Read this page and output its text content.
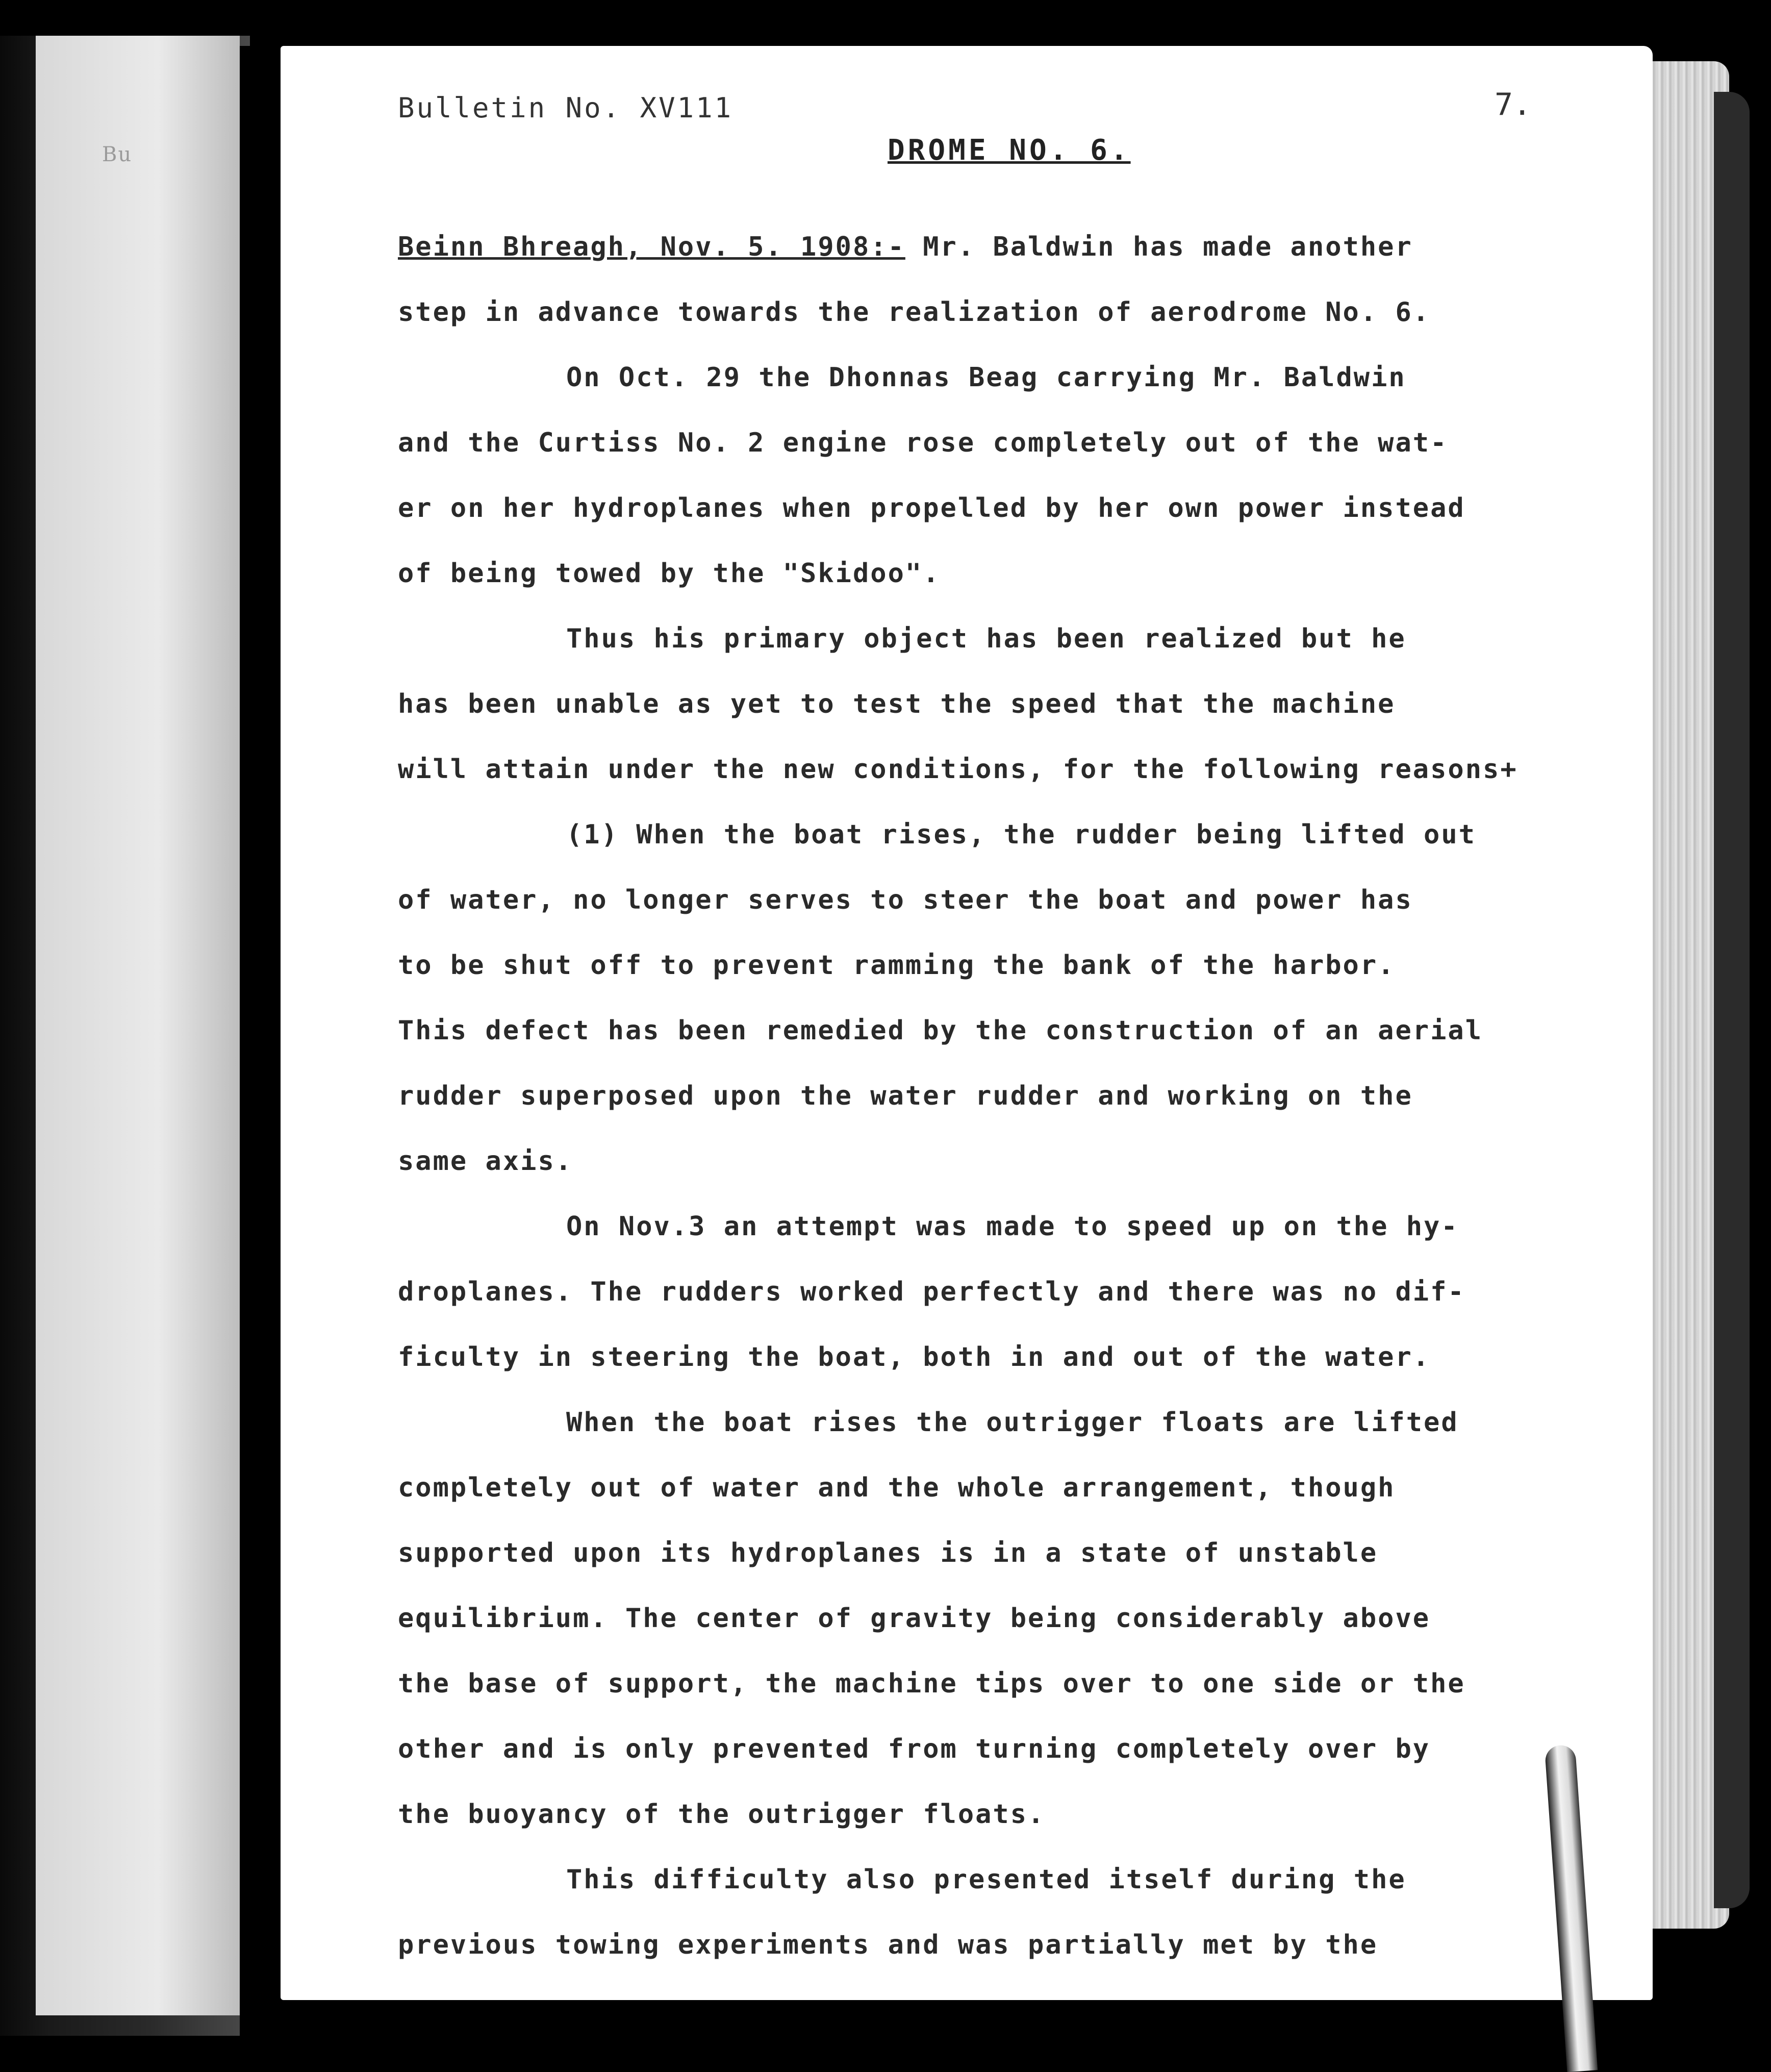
Bu
Bulletin No. XV111	7.
DROME NO. 6.
Beinn Bhreagh, Nov. 5. 1908:- Mr. Baldwin has made another
step in advance towards the realization of aerodrome No. 6.
On Oct. 29 the Dhonnas Beag carrying Mr. Baldwin
and the Curtiss No. 2 engine rose completely out of the wat-
er on her hydroplanes when propelled by her own power instead
of being towed by the "Skidoo".
Thus his primary object has been realized but he
has been unable as yet to test the speed that the machine
will attain under the new conditions, for the following reasons+
(1) When the boat rises, the rudder being lifted out
of water, no longer serves to steer the boat and power has
to be shut off to prevent ramming the bank of the harbor.
This defect has been remedied by the construction of an aerial
rudder superposed upon the water rudder and working on the
same axis.
On Nov.3 an attempt was made to speed up on the hy-
droplanes. The rudders worked perfectly and there was no dif-
ficulty in steering the boat, both in and out of the water.
When the boat rises the outrigger floats are lifted
completely out of water and the whole arrangement, though
supported upon its hydroplanes is in a state of unstable
equilibrium. The center of gravity being considerably above
the base of support, the machine tips over to one side or the
other and is only prevented from turning completely over by
the buoyancy of the outrigger floats.
This difficulty also presented itself during the
previous towing experiments and was partially met by the
